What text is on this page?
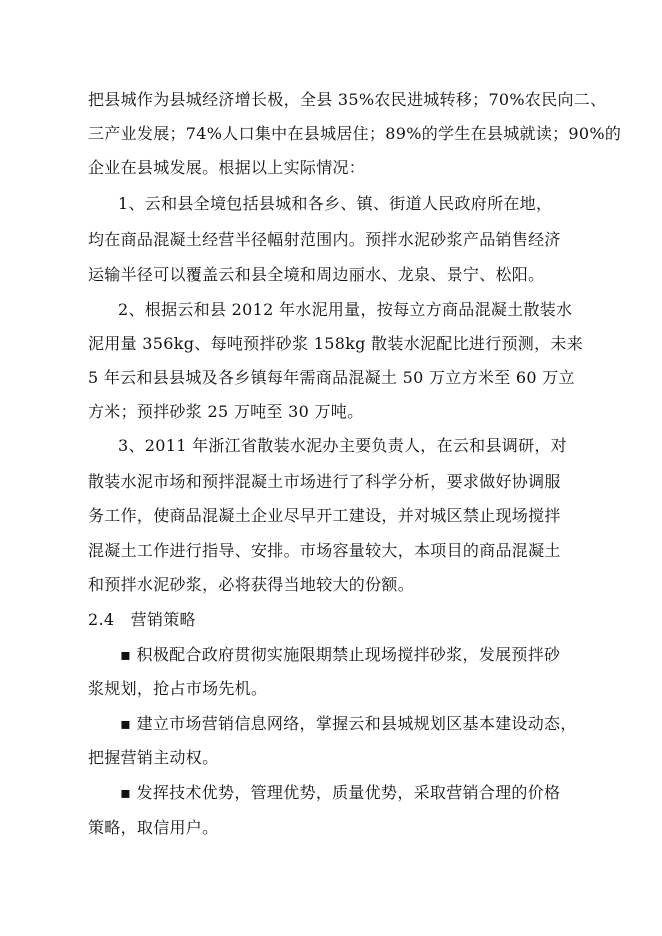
把县城作为县城经济增长极，全县 35%农民进城转移；70%农民向二、
三产业发展；74%人口集中在县城居住；89%的学生在县城就读；90%的
企业在县城发展。根据以上实际情况：
1、云和县全境包括县城和各乡、镇、街道人民政府所在地，
均在商品混凝土经营半径幅射范围内。预拌水泥砂浆产品销售经济
运输半径可以覆盖云和县全境和周边丽水、龙泉、景宁、松阳。
2、根据云和县 2012 年水泥用量，按每立方商品混凝土散装水
泥用量 356kg、每吨预拌砂浆 158kg 散装水泥配比进行预测，未来
5 年云和县县城及各乡镇每年需商品混凝土 50 万立方米至 60 万立
方米；预拌砂浆 25 万吨至 30 万吨。
3、2011 年浙江省散装水泥办主要负责人，在云和县调研，对
散装水泥市场和预拌混凝土市场进行了科学分析，要求做好协调服
务工作，使商品混凝土企业尽早开工建设，并对城区禁止现场搅拌
混凝土工作进行指导、安排。市场容量较大，本项目的商品混凝土
和预拌水泥砂浆，必将获得当地较大的份额。
2.4　营销策略
▪ 积极配合政府贯彻实施限期禁止现场搅拌砂浆，发展预拌砂
浆规划，抢占市场先机。
▪ 建立市场营销信息网络，掌握云和县城规划区基本建设动态，
把握营销主动权。
▪ 发挥技术优势，管理优势，质量优势，采取营销合理的价格
策略，取信用户。
